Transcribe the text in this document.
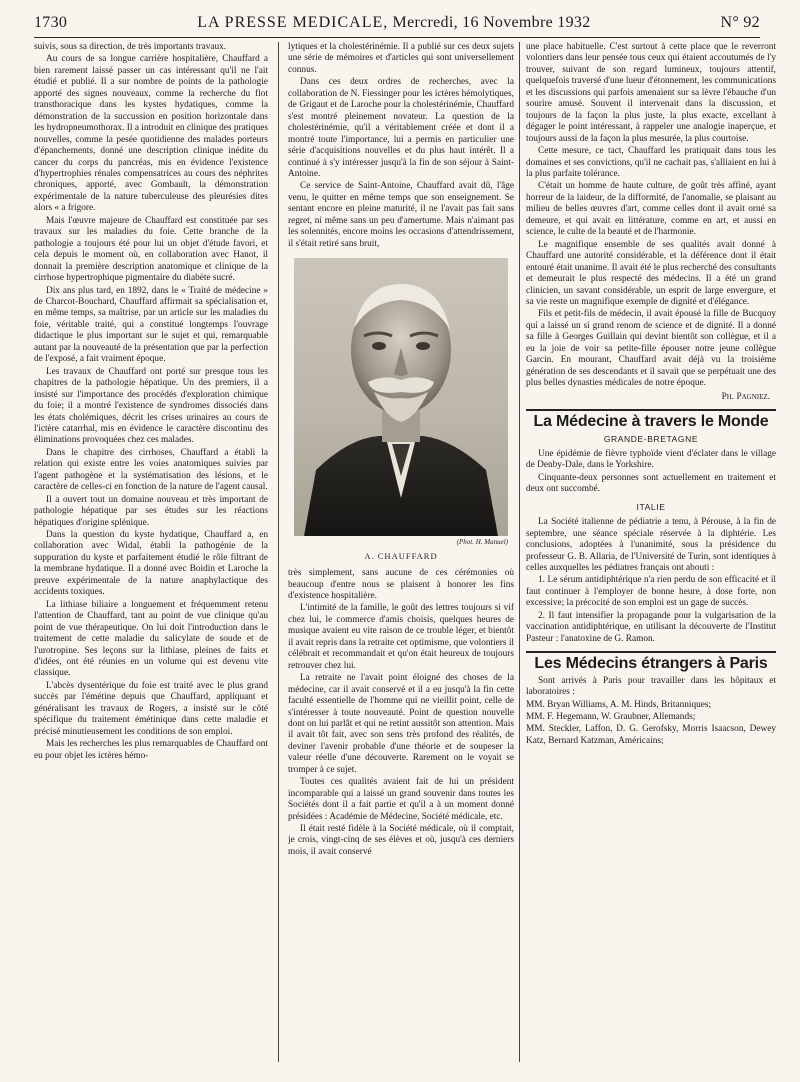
1730	LA PRESSE MEDICALE, Mercredi, 16 Novembre 1932	N° 92

suivis, sous sa direction, de très importants travaux.

Au cours de sa longue carrière hospitalière, Chauffard a bien rarement laissé passer un cas intéressant qu'il ne l'ait étudié et publié. Il a sur nombre de points de la pathologie apporté des signes nouveaux, comme la recherche du flot transthoracique dans les kystes hydatiques, comme la démonstration de la succussion en position horizontale dans les hydropneumothorax. Il a introduit en clinique des pratiques nouvelles, comme la pesée quotidienne des malades porteurs d'épanchements, donné une description clinique inédite du cancer du corps du pancréas, mis en évidence l'existence d'hypertrophies rénales compensatrices au cours des néphrites chroniques, apporté, avec Gombault, la démonstration expérimentale de la nature tuberculeuse des pleurésies dites alors « a frigore.

Mais l'œuvre majeure de Chauffard est constituée par ses travaux sur les maladies du foie. Cette branche de la pathologie a toujours été pour lui un objet d'étude favori, et cela depuis le moment où, en collaboration avec Hanot, il donnait la première description anatomique et clinique de la cirrhose hypertrophique pigmentaire du diabète sucré.

Dix ans plus tard, en 1892, dans le « Traité de médecine » de Charcot-Bouchard, Chauffard affirmait sa spécialisation et, en même temps, sa maîtrise, par un article sur les maladies du foie, véritable traité, qui a constitué longtemps l'ouvrage didactique le plus important sur le sujet et qui, remarquable autant par la nouveauté de la présentation que par la perfection de l'exposé, a fait vraiment époque.

Les travaux de Chauffard ont porté sur presque tous les chapitres de la pathologie hépatique. Un des premiers, il a insisté sur l'importance des procédés d'exploration chimique du foie; il a montré l'existence de syndromes dissociés dans les états cholémiques, décrit les crises urinaires au cours de l'ictère catarrhal, mis en évidence le caractère discontinu des éliminations provoquées chez ces malades.

Dans le chapitre des cirrhoses, Chauffard a établi la relation qui existe entre les voies anatomiques suivies par l'agent pathogène et la systématisation des lésions, et le caractère de celles-ci en fonction de la nature de l'agent causal.

Il a ouvert tout un domaine nouveau et très important de pathologie hépatique par ses études sur les réactions hépatiques d'origine splénique.

Dans la question du kyste hydatique, Chauffard a, en collaboration avec Widal, établi la pathogénie de la suppuration du kyste et parfaitement étudié le rôle filtrant de la membrane hydatique. Il a donné avec Boidin et Laroche la preuve expérimentale de la nature anaphylactique des accidents toxiques.

La lithiase biliaire a longuement et fréquemment retenu l'attention de Chauffard, tant au point de vue clinique qu'au point de vue thérapeutique. On lui doit l'introduction dans le traitement de cette maladie du salicylate de soude et de l'urotropine. Ses leçons sur la lithiase, pleines de faits et d'idées, ont été réunies en un volume qui est devenu vite classique.

L'abcès dysentérique du foie est traité avec le plus grand succès par l'émétine depuis que Chauffard, appliquant et généralisant les travaux de Rogers, a insisté sur le côté spécifique du traitement émétinique dans cette maladie et précisé minutieusement les conditions de son emploi.

Mais les recherches les plus remarquables de Chauffard ont eu pour objet les ictères hémo-

lytiques et la cholestérinémie. Il a publié sur ces deux sujets une série de mémoires et d'articles qui sont universellement connus.

Dans ces deux ordres de recherches, avec la collaboration de N. Fiessinger pour les ictères hémolytiques, de Grigaut et de Laroche pour la cholestérinémie, Chauffard s'est montré pleinement novateur. La question de la cholestérinémie, qu'il a véritablement créée et dont il a montré toute l'importance, lui a permis en particulier une série d'acquisitions nouvelles et du plus haut intérêt. Il a continué à s'y intéresser jusqu'à la fin de son séjour à Saint-Antoine.

Ce service de Saint-Antoine, Chauffard avait dû, l'âge venu, le quitter en même temps que son enseignement. Se sentant encore en pleine maturité, il ne l'avait pas fait sans regret, ni même sans un peu d'amertume. Mais n'aimant pas les solennités, encore moins les occasions d'attendrissement, il s'était retiré sans bruit,

(Phot. H. Manuel)
A. CHAUFFARD

très simplement, sans aucune de ces cérémonies où beaucoup d'entre nous se plaisent à honorer les fins d'existence hospitalière.

L'intimité de la famille, le goût des lettres toujours si vif chez lui, le commerce d'amis choisis, quelques heures de musique avaient eu vite raison de ce trouble léger, et bientôt il avait repris dans la retraite cet optimisme, que volontiers il célébrait et recommandait et qu'on était heureux de toujours retrouver chez lui.

La retraite ne l'avait point éloigné des choses de la médecine, car il avait conservé et il a eu jusqu'à la fin cette faculté essentielle de l'homme qui ne vieillit point, celle de s'intéresser à toute nouveauté. Point de question nouvelle dont on lui parlât et qui ne retint aussitôt son attention. Mais il avait tôt fait, avec son sens très profond des réalités, de deviner l'avenir probable d'une théorie et de soupeser la valeur réelle d'une découverte. Rarement on le voyait se tromper à ce sujet.

Toutes ces qualités avaient fait de lui un président incomparable qui a laissé un grand souvenir dans toutes les Sociétés dont il a fait partie et qu'il a à un moment donné présidées : Académie de Médecine, Société médicale, etc.

Il était resté fidèle à la Société médicale, où il comptait, je crois, vingt-cinq de ses élèves et où, jusqu'à ces derniers mois, il avait conservé

une place habituelle. C'est surtout à cette place que le reverront volontiers dans leur pensée tous ceux qui étaient accoutumés de l'y trouver, suivant de son regard lumineux, toujours attentif, quelquefois traversé d'une lueur d'étonnement, les communications et les discussions qui parfois amenaient sur sa lèvre l'ébauche d'un sourire amusé. Souvent il intervenait dans la discussion, et toujours de la façon la plus juste, la plus exacte, excellant à dégager le point intéressant, à rappeler une analogie inaperçue, et toujours aussi de la façon la plus mesurée, la plus courtoise.

Cette mesure, ce tact, Chauffard les pratiquait dans tous les domaines et ses convictions, qu'il ne cachait pas, s'alliaient en lui à la plus parfaite tolérance.

C'était un homme de haute culture, de goût très affiné, ayant horreur de la laideur, de la difformité, de l'anomalie, se plaisant au milieu de belles œuvres d'art, comme celles dont il avait orné sa demeure, et qui avait en littérature, comme en art, et aussi en science, le culte de la beauté et de l'harmonie.

Le magnifique ensemble de ses qualités avait donné à Chauffard une autorité considérable, et la déférence dont il était entouré était unanime. Il avait été le plus recherché des consultants et demeurait le plus respecté des médecins. Il a été un grand clinicien, un savant considérable, un esprit de large envergure, et sa vie reste un magnifique exemple de dignité et d'élégance.

Fils et petit-fils de médecin, il avait épousé la fille de Bucquoy qui a laissé un si grand renom de science et de dignité. Il a donné sa fille à Georges Guillain qui devint bientôt son collègue, et il a eu la joie de voir sa petite-fille épouser notre jeune collègue Garcin. En mourant, Chauffard avait déjà vu la troisième génération de ses descendants et il savait que se perpétuait une des plus belles dynasties médicales de notre époque.

Ph. Pagniez.
La Médecine à travers le Monde
GRANDE-BRETAGNE

Une épidémie de fièvre typhoïde vient d'éclater dans le village de Denby-Dale, dans le Yorkshire.

Cinquante-deux personnes sont actuellement en traitement et deux ont succombé.

ITALIE

La Société italienne de pédiatrie a tenu, à Pérouse, à la fin de septembre, une séance spéciale réservée à la diphtérie. Les conclusions, adoptées à l'unanimité, sous la présidence du professeur G. B. Allaria, de l'Université de Turin, sont identiques à celles auxquelles les pédiatres français ont abouti :

1. Le sérum antidiphtérique n'a rien perdu de son efficacité et il faut continuer à l'employer de bonne heure, à dose forte, non excessive; la précocité de son emploi est un gage de succès.

2. Il faut intensifier la propagande pour la vulgarisation de la vaccination antidiphtérique, en utilisant la découverte de l'Institut Pasteur : l'anatoxine de G. Ramon.

Les Médecins étrangers à Paris

Sont arrivés à Paris pour travailler dans les hôpitaux et laboratoires :

MM. Bryan Williams, A. M. Hinds, Britanniques;

MM. F. Hegemann, W. Graubner, Allemands;

MM. Steckler, Laffon, D. G. Gerofsky, Morris Isaacson, Dewey Katz, Bernard Katzman, Américains;
